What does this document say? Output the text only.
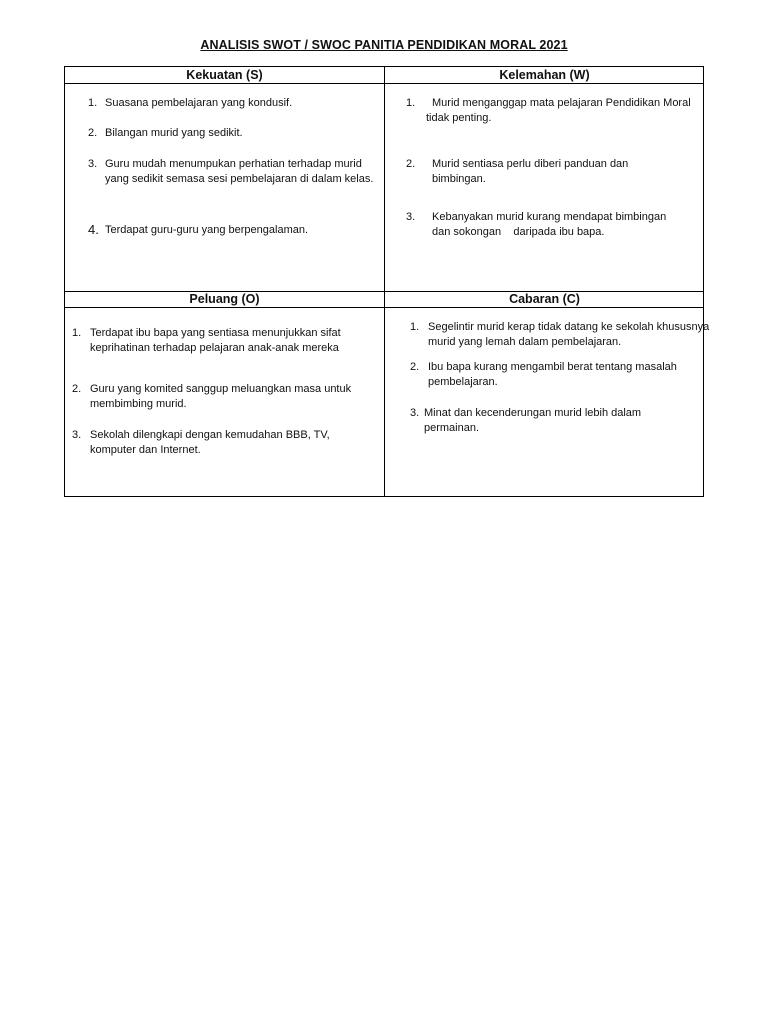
ANALISIS SWOT / SWOC PANITIA PENDIDIKAN MORAL 2021
Kekuatan (S)	Kelemahan (W)
Peluang (O)	Cabaran (C)
1. Suasana pembelajaran yang kondusif.
2. Bilangan murid yang sedikit.
3. Guru mudah menumpukan perhatian terhadap murid yang sedikit semasa sesi pembelajaran di dalam kelas.
4. Terdapat guru-guru yang berpengalaman.
1. Murid menganggap mata pelajaran Pendidikan Moral
tidak penting.
2. Murid sentiasa perlu diberi panduan dan bimbingan.
3. Kebanyakan murid kurang mendapat bimbingan
dan sokongan    daripada ibu bapa.
1. Terdapat ibu bapa yang sentiasa menunjukkan sifat keprihatinan terhadap pelajaran anak-anak mereka
2. Guru yang komited sanggup meluangkan masa untuk membimbing murid.
3. Sekolah dilengkapi dengan kemudahan BBB, TV, komputer dan Internet.
1. Segelintir murid kerap tidak datang ke sekolah khususnya murid yang lemah dalam pembelajaran.
2. Ibu bapa kurang mengambil berat tentang masalah pembelajaran.
3. Minat dan kecenderungan murid lebih dalam permainan.
